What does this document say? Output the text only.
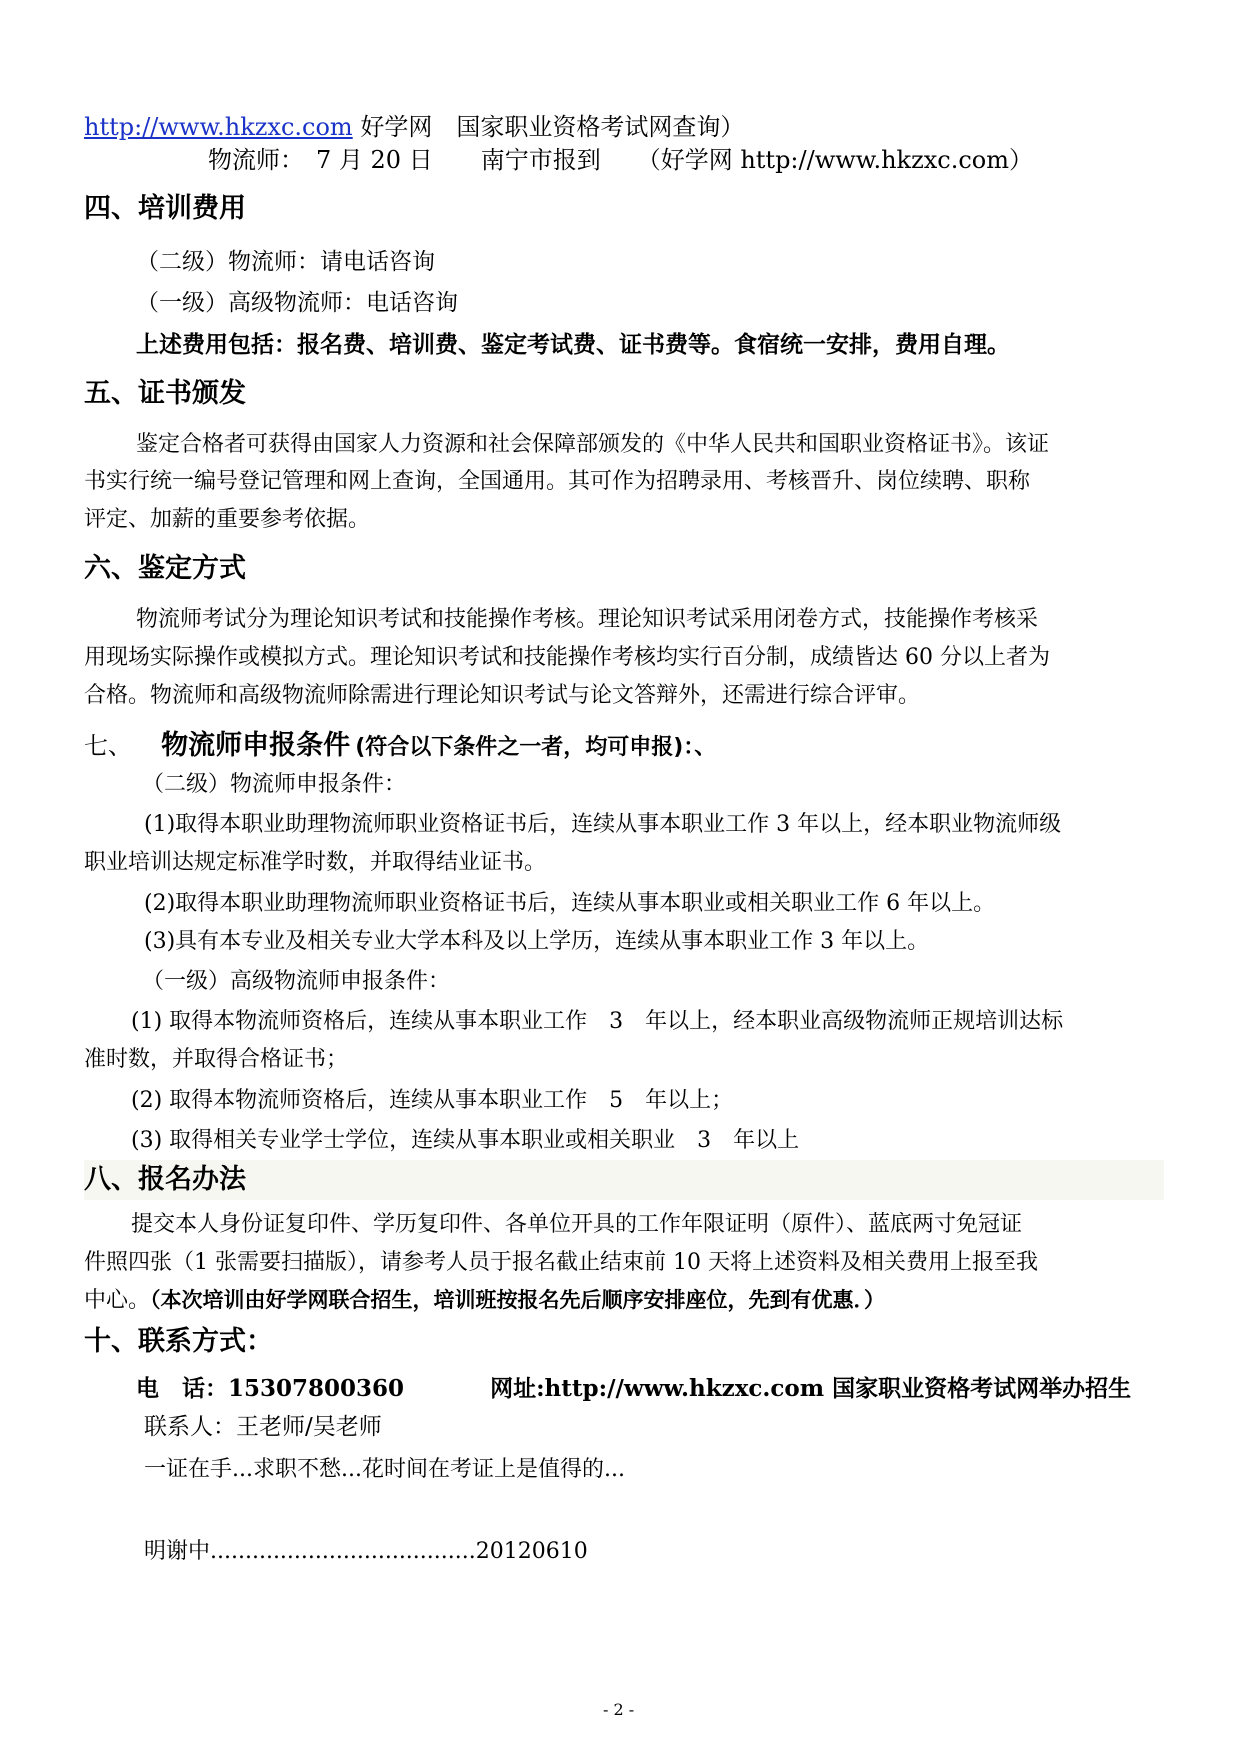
http://www.hkzxc.com 好学网　国家职业资格考试网查询）
物流师：　7 月 20 日　　南宁市报到　　（好学网 http://www.hkzxc.com）
四、培训费用
（二级）物流师：请电话咨询
（一级）高级物流师：电话咨询
上述费用包括：报名费、培训费、鉴定考试费、证书费等。食宿统一安排，费用自理。
五、证书颁发
鉴定合格者可获得由国家人力资源和社会保障部颁发的《中华人民共和国职业资格证书》。该证
书实行统一编号登记管理和网上查询，全国通用。其可作为招聘录用、考核晋升、岗位续聘、职称
评定、加薪的重要参考依据。
六、鉴定方式
物流师考试分为理论知识考试和技能操作考核。理论知识考试采用闭卷方式，技能操作考核采
用现场实际操作或模拟方式。理论知识考试和技能操作考核均实行百分制，成绩皆达 60 分以上者为
合格。物流师和高级物流师除需进行理论知识考试与论文答辩外，还需进行综合评审。
七、 物流师申报条件 (符合以下条件之一者，均可申报)：、
（二级）物流师申报条件：
(1)取得本职业助理物流师职业资格证书后，连续从事本职业工作 3 年以上，经本职业物流师级
职业培训达规定标准学时数，并取得结业证书。
(2)取得本职业助理物流师职业资格证书后，连续从事本职业或相关职业工作 6 年以上。
(3)具有本专业及相关专业大学本科及以上学历，连续从事本职业工作 3 年以上。
（一级）高级物流师申报条件：
(1) 取得本物流师资格后，连续从事本职业工作　3　年以上，经本职业高级物流师正规培训达标
准时数，并取得合格证书；
(2) 取得本物流师资格后，连续从事本职业工作　5　年以上；
(3) 取得相关专业学士学位，连续从事本职业或相关职业　3　年以上
八、报名办法
提交本人身份证复印件、学历复印件、各单位开具的工作年限证明（原件）、蓝底两寸免冠证
件照四张（1 张需要扫描版），请参考人员于报名截止结束前 10 天将上述资料及相关费用上报至我
中心。（本次培训由好学网联合招生，培训班按报名先后顺序安排座位，先到有优惠．）
十、联系方式：
电　话：15307800360	网址:http://www.hkzxc.com 国家职业资格考试网举办招生
联系人：王老师/吴老师
一证在手...求职不愁...花时间在考证上是值得的...
明谢中......................................20120610
- 2 -
